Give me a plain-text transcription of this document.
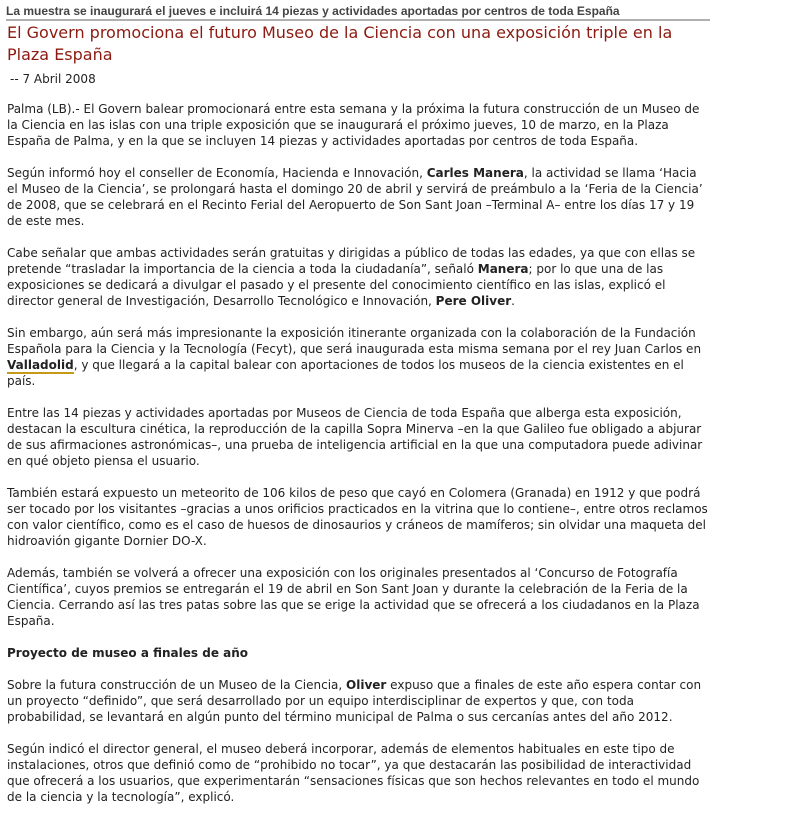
La muestra se inaugurará el jueves e incluirá 14 piezas y actividades aportadas por centros de toda España
El Govern promociona el futuro Museo de la Ciencia con una exposición triple en la Plaza España
-- 7 Abril 2008

Palma (LB).- El Govern balear promocionará entre esta semana y la próxima la futura construcción de un Museo de la Ciencia en las islas con una triple exposición que se inaugurará el próximo jueves, 10 de marzo, en la Plaza España de Palma, y en la que se incluyen 14 piezas y actividades aportadas por centros de toda España.

Según informó hoy el conseller de Economía, Hacienda e Innovación, Carles Manera, la actividad se llama ‘Hacia el Museo de la Ciencia’, se prolongará hasta el domingo 20 de abril y servirá de preámbulo a la ‘Feria de la Ciencia’ de 2008, que se celebrará en el Recinto Ferial del Aeropuerto de Son Sant Joan –Terminal A– entre los días 17 y 19 de este mes.

Cabe señalar que ambas actividades serán gratuitas y dirigidas a público de todas las edades, ya que con ellas se pretende “trasladar la importancia de la ciencia a toda la ciudadanía”, señaló Manera; por lo que una de las exposiciones se dedicará a divulgar el pasado y el presente del conocimiento científico en las islas, explicó el director general de Investigación, Desarrollo Tecnológico e Innovación, Pere Oliver.

Sin embargo, aún será más impresionante la exposición itinerante organizada con la colaboración de la Fundación Española para la Ciencia y la Tecnología (Fecyt), que será inaugurada esta misma semana por el rey Juan Carlos en Valladolid, y que llegará a la capital balear con aportaciones de todos los museos de la ciencia existentes en el país.

Entre las 14 piezas y actividades aportadas por Museos de Ciencia de toda España que alberga esta exposición, destacan la escultura cinética, la reproducción de la capilla Sopra Minerva –en la que Galileo fue obligado a abjurar de sus afirmaciones astronómicas–, una prueba de inteligencia artificial en la que una computadora puede adivinar en qué objeto piensa el usuario.

También estará expuesto un meteorito de 106 kilos de peso que cayó en Colomera (Granada) en 1912 y que podrá ser tocado por los visitantes –gracias a unos orificios practicados en la vitrina que lo contiene–, entre otros reclamos con valor científico, como es el caso de huesos de dinosaurios y cráneos de mamíferos; sin olvidar una maqueta del hidroavión gigante Dornier DO-X.

Además, también se volverá a ofrecer una exposición con los originales presentados al ‘Concurso de Fotografía Científica’, cuyos premios se entregarán el 19 de abril en Son Sant Joan y durante la celebración de la Feria de la Ciencia. Cerrando así las tres patas sobre las que se erige la actividad que se ofrecerá a los ciudadanos en la Plaza España.

Proyecto de museo a finales de año

Sobre la futura construcción de un Museo de la Ciencia, Oliver expuso que a finales de este año espera contar con un proyecto “definido”, que será desarrollado por un equipo interdisciplinar de expertos y que, con toda probabilidad, se levantará en algún punto del término municipal de Palma o sus cercanías antes del año 2012.

Según indicó el director general, el museo deberá incorporar, además de elementos habituales en este tipo de instalaciones, otros que definió como de “prohibido no tocar”, ya que destacarán las posibilidad de interactividad que ofrecerá a los usuarios, que experimentarán “sensaciones físicas que son hechos relevantes en todo el mundo de la ciencia y la tecnología”, explicó.
